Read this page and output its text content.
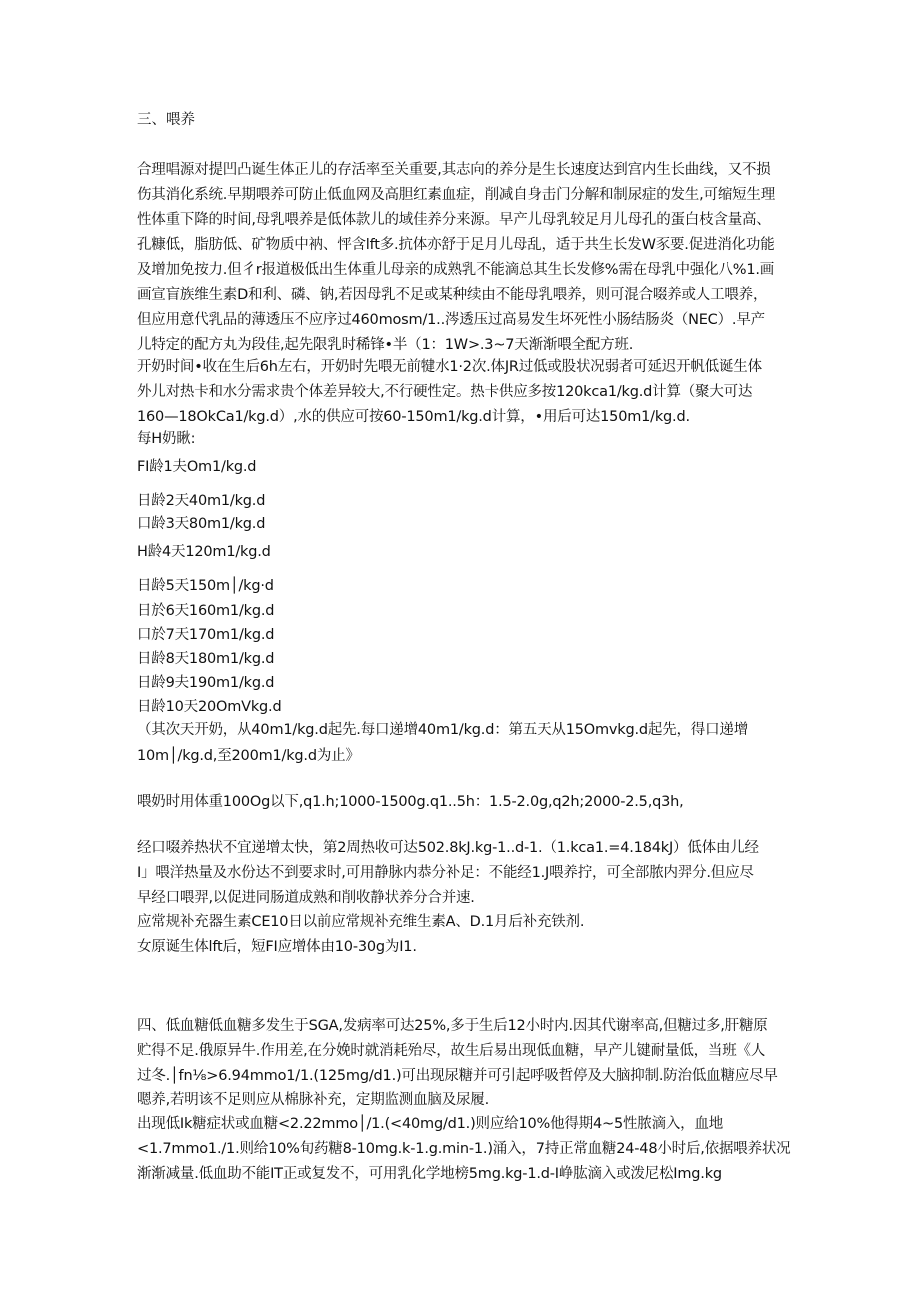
三、喂养

合理唱源对提凹凸诞生体正儿的存活率至关重要,其志向的养分是生长速度达到宫内生长曲线，又不损

伤其消化系统.早期喂养可防止低血网及高胆红素血症，削减自身击门分解和制尿症的发生,可缩短生理

性体重下降的时间,母乳喂养是低体款儿的域佳养分来源。早产儿母乳较足月儿母孔的蛋白枝含量高、

孔糠低，脂肪低、矿物质中衲、怦含lft多.抗体亦舒于足月儿母乱，适于共生长发W豕要.促进消化功能

及增加免按力.但彳r报道极低出生体重儿母亲的成熟乳不能滴总其生长发修%需在母乳中强化八%1.画

画宣盲族维生素D和利、磷、钠,若因母乳不足或某种续由不能母乳喂养，则可混合啜养或人工喂养，

但应用意代乳品的薄透压不应序过460mosm/1..涔透压过高易发生坏死性小肠结肠炎（NEC）.早产

儿特定的配方丸为段佳,起先限乳时稀锋•半（1：1W>.3~7天渐渐喂全配方班.

开奶时间•收在生后6h左右，开奶时先喂无前犍水1·2次.体JR过低或股状况弱者可延迟开帆低诞生体

外儿对热卡和水分需求贵个体差异较大,不行硬性定。热卡供应多按120kca1∕kg.d计算（聚大可达

160—18OkCa1∕kg.d）,水的供应可按60-150m1∕kg.d计算，•用后可达150m1∕kg.d.

每H奶瞅:

FI龄1夫Om1∕kg.d

日龄2天40m1∕kg.d

口龄3天80m1∕kg.d

H龄4天120m1∕kg.d

日龄5天150m│∕kg·d

日於6天160m1∕kg.d

口於7天170m1∕kg.d

日龄8天180m1∕kg.d

日龄9夫190m1∕kg.d

日龄10天20OmVkg.d

（其次天开奶，从40m1∕kg.d起先.每口递增40m1∕kg.d：第五天从15Omvkg.d起先，得口递增

10m│∕kg.d,至200m1∕kg.d为止》

喂奶时用体重100Og以下,q1.h;1000-1500g.q1..5h：1.5-2.0g,q2h;2000-2.5,q3h,

经口啜养热状不宜递增太快，第2周热收可达502.8kJ.kg-1..d-1.（1.kca1.=4.184kJ）低体由儿经

I」喂洋热量及水份达不到要求时,可用静脉内恭分补足：不能经1.J喂养拧，可全部脓内羿分.但应尽

早经口喂羿,以促进同肠道成熟和削收静状养分合并速.

应常规补充器生素CE10日以前应常规补充维生素A、D.1月后补充铁剂.

女原诞生体lft后，短FI应增体由10-30g为I1.

四、低血糖低血糖多发生于SGA,发病率可达25%,多于生后12小时内.因其代谢率高,但糖过多,肝糖原

贮得不足.俄原异牛.作用差,在分娩时就消耗殆尽，故生后易出现低血糖，早产儿键耐量低，当班《人

过冬.│fn⅛>6.94mmo1∕1.(125mg∕d1.)可出现尿糖并可引起呼吸哲停及大脑抑制.防治低血糖应尽早

嗯养,若明该不足则应从棉脉补充，定期监测血脑及尿履.

出现低Ik糖症状或血糖<2.22mmo│∕1.(<40mg∕d1.)则应给10%他得期4~5性脓滴入，血地

<1.7mmo1./1.则给10%旬药糖8-10mg.k-1.g.min-1.)涌入，7持正常血糖24-48小时后,依据喂养状况

渐渐减量.低血助不能IT正或复发不，可用乳化学地榜5mg.kg-1.d-I峥肱滴入或泼尼松Img.kg
